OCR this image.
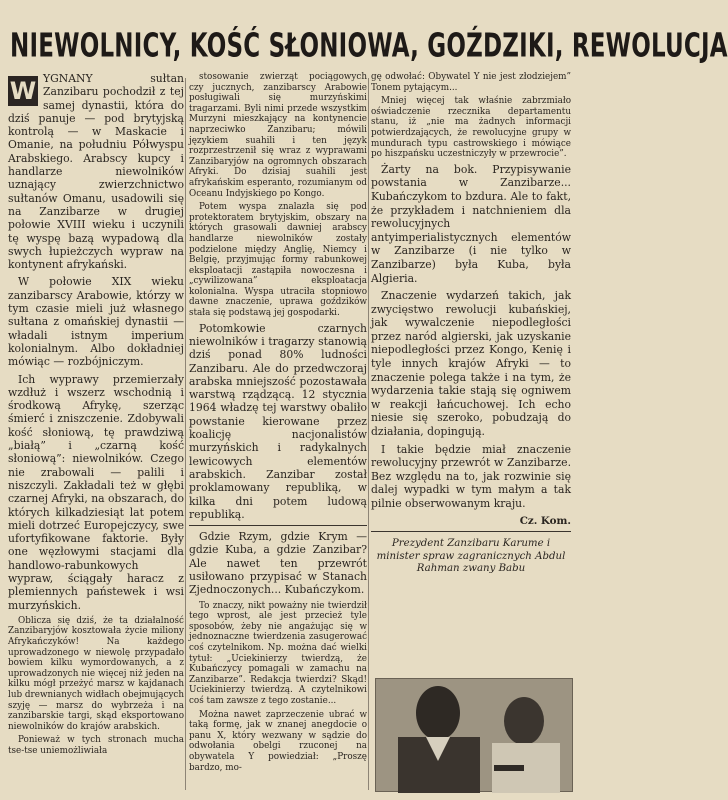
NIEWOLNICY, KOŚĆ SŁONIOWA, GOŹDZIKI, REWOLUCJA
W YGNANY sułtan Zanzibaru pochodził z tej samej dynastii, która do dziś panuje — pod brytyjską kontrolą — w Maskacie i Omanie, na południu Półwyspu Arabskiego. Arabscy kupcy i handlarze niewolników uznający zwierzchnictwo sułtanów Omanu, usadowili się na Zanzibarze w drugiej połowie XVIII wieku i uczynili tę wyspę bazą wypadową dla swych łupieżczych wypraw na kontynent afrykański.

W połowie XIX wieku zanzibarscy Arabowie, którzy w tym czasie mieli już własnego sułtana z omańskiej dynastii — władali istnym imperium kolonialnym. Albo dokładniej mówiąc — rozbójniczym.

Ich wyprawy przemierzały wzdłuż i wszerz wschodnią i środkową Afrykę, szerząc śmierć i zniszczenie. Zdobywali kość słoniową, tę prawdziwą „białą” i „czarną kość słoniową”: niewolników. Czego nie zrabowali — palili i niszczyli. Zakładali też w głębi czarnej Afryki, na obszarach, do których kilkadziesiąt lat potem mieli dotrzeć Europejczycy, swe ufortyfikowane faktorie. Były one węzłowymi stacjami dla handlowo-rabunkowych wypraw, ściągały haracz z plemiennych państewek i wsi murzyńskich.

Oblicza się dziś, że ta działalność Zanzibaryjów kosztowała życie miliony Afrykańczyków! Na każdego uprowadzonego w niewolę przypadało bowiem kilku wymordowanych, a z uprowadzonych nie więcej niż jeden na kilku mógł przeżyć marsz w kajdanach lub drewnianych widłach obejmujących szyję — marsz do wybrzeża i na zanzibarskie targi, skąd eksportowano niewolników do krajów arabskich.

Ponieważ w tych stronach mucha tse-tse uniemożliwiała

stosowanie zwierząt pociągowych czy jucznych, zanzibarscy Arabowie posługiwali się murzyńskimi tragarzami. Byli nimi przede wszystkim Murzyni mieszkający na kontynencie naprzeciwko Zanzibaru; mówili językiem suahili i ten język rozprzestrzenił się wraz z wyprawami Zanzibaryjów na ogromnych obszarach Afryki. Do dzisiaj suahili jest afrykańskim esperanto, rozumianym od Oceanu Indyjskiego po Kongo.

Potem wyspa znalazła się pod protektoratem brytyjskim, obszary na których grasowali dawniej arabscy handlarze niewolników zostały podzielone między Anglię, Niemcy i Belgię, przyjmując formy rabunkowej eksploatacji zastąpiła nowoczesna i „cywilizowana” eksploatacja kolonialna. Wyspa utraciła stopniowo dawne znaczenie, uprawa goździków stała się podstawą jej gospodarki.

Potomkowie czarnych niewolników i tragarzy stanowią dziś ponad 80% ludności Zanzibaru. Ale do przedwczoraj arabska mniejszość pozostawała warstwą rządzącą. 12 stycznia 1964 władzę tej warstwy obaliło powstanie kierowane przez koalicję nacjonalistów murzyńskich i radykalnych lewicowych elementów arabskich. Zanzibar został proklamowany republiką, w kilka dni potem ludową republiką.

Gdzie Rzym, gdzie Krym — gdzie Kuba, a gdzie Zanzibar? Ale nawet ten przewrót usiłowano przypisać w Stanach Zjednoczonych... Kubańczykom.

To znaczy, nikt poważny nie twierdził tego wprost, ale jest przecież tyle sposobów, żeby nie angażując się w jednoznaczne twierdzenia zasugerować coś czytelnikom. Np. można dać wielki tytuł: „Uciekinierzy twierdzą, że Kubańczycy pomagali w zamachu na Zanzibarze”. Redakcja twierdzi? Skąd! Uciekinierzy twierdzą. A czytelnikowi coś tam zawsze z tego zostanie...

Można nawet zaprzeczenie ubrać w taką formę, jak w znanej anegdocie o panu X, który wezwany w sądzie do odwołania obelgi rzuconej na obywatela Y powiedział: „Proszę bardzo, mo-

gę odwołać: Obywatel Y nie jest złodziejem” Tonem pytającym...

Mniej więcej tak właśnie zabrzmiało oświadczenie rzecznika departamentu stanu, iż „nie ma żadnych informacji potwierdzających, że rewolucyjne grupy w mundurach typu castrowskiego i mówiące po hiszpańsku uczestniczyły w przewrocie”.

Żarty na bok. Przypisywanie powstania w Zanzibarze... Kubańczykom to bzdura. Ale to fakt, że przykładem i natchnieniem dla rewolucyjnych antyimperialistycznych elementów w Zanzibarze (i nie tylko w Zanzibarze) była Kuba, była Algieria.

Znaczenie wydarzeń takich, jak zwycięstwo rewolucji kubańskiej, jak wywalczenie niepodległości przez naród algierski, jak uzyskanie niepodległości przez Kongo, Kenię i tyle innych krajów Afryki — to znaczenie polega także i na tym, że wydarzenia takie stają się ogniwem w reakcji łańcuchowej. Ich echo niesie się szeroko, pobudzają do działania, dopingują.

I takie będzie miał znaczenie rewolucyjny przewrót w Zanzibarze. Bez względu na to, jak rozwinie się dalej wypadki w tym małym a tak pilnie obserwowanym kraju.

Cz. Kom.
Prezydent Zanzibaru Karume i minister spraw zagranicznych Abdul Rahman zwany Babu
